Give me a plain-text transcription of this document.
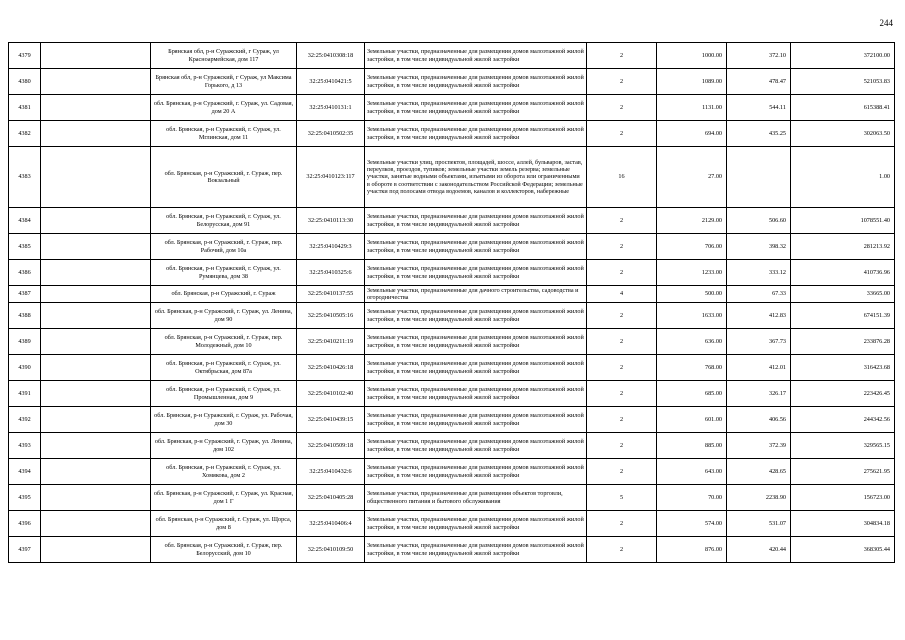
244
4379		Брянская обл, р-н Суражский, г Сураж, ул Красноармейская, дом 117	32:25:0410308:18	Земельные участки, предназначенные для размещения домов малоэтажной жилой застройки, в том числе индивидуальной жилой застройки	2	1000.00	372.10	372100.00
4380		Брянская обл, р-н Суражский, г Сураж, ул Максима Горького, д 13	32:25:0410421:5	Земельные участки, предназначенные для размещения домов малоэтажной жилой застройки, в том числе индивидуальной жилой застройки	2	1089.00	478.47	521053.83
4381		обл. Брянская, р-н Суражский, г. Сураж, ул. Садовая, дом 20 А	32:25:0410131:1	Земельные участки, предназначенные для размещения домов малоэтажной жилой застройки, в том числе индивидуальной жилой застройки	2	1131.00	544.11	615388.41
4382		обл. Брянская, р-н Суражский, г. Сураж, ул. Мглинская, дом 11	32:25:0410502:35	Земельные участки, предназначенные для размещения домов малоэтажной жилой застройки, в том числе индивидуальной жилой застройки	2	694.00	435.25	302063.50
4383		обл. Брянская, р-н Суражский, г. Сураж, пер. Вокзальный	32:25:0410123:117	Земельные участки улиц, проспектов, площадей, шоссе, аллей, бульваров, застав, переулков, проездов, тупиков; земельные участки земель резерва; земельные участки, занятые водными объектами, изъятыми из оборота или ограниченными в обороте в соответствии с законодательством Российской Федерации; земельные участки под полосами отвода водоемов, каналов и коллекторов, набережные	16	27.00		1.00
4384		обл. Брянская, р-н Суражский, г. Сураж, ул. Белорусская, дом 91	32:25:0410113:30	Земельные участки, предназначенные для размещения домов малоэтажной жилой застройки, в том числе индивидуальной жилой застройки	2	2129.00	506.60	1078551.40
4385		обл. Брянская, р-н Суражский, г. Сураж, пер. Рабочий, дом 10а	32:25:0410429:3	Земельные участки, предназначенные для размещения домов малоэтажной жилой застройки, в том числе индивидуальной жилой застройки	2	706.00	398.32	281213.92
4386		обл. Брянская, р-н Суражский, г. Сураж, ул. Румянцева, дом 38	32:25:0410325:6	Земельные участки, предназначенные для размещения домов малоэтажной жилой застройки, в том числе индивидуальной жилой застройки	2	1233.00	333.12	410736.96
4387		обл. Брянская, р-н Суражский, г. Сураж	32:25:0410137:55	Земельные участки, предназначенные для дачного строительства, садоводства и огородничества	4	500.00	67.33	33665.00
4388		обл. Брянская, р-н Суражский, г. Сураж, ул. Ленина, дом 90	32:25:0410505:16	Земельные участки, предназначенные для размещения домов малоэтажной жилой застройки, в том числе индивидуальной жилой застройки	2	1633.00	412.83	674151.39
4389		обл. Брянская, р-н Суражский, г. Сураж, пер. Молодежный, дом 10	32:25:0410211:19	Земельные участки, предназначенные для размещения домов малоэтажной жилой застройки, в том числе индивидуальной жилой застройки	2	636.00	367.73	233876.28
4390		обл. Брянская, р-н Суражский, г. Сураж, ул. Октябрьская, дом 87а	32:25:0410426:18	Земельные участки, предназначенные для размещения домов малоэтажной жилой застройки, в том числе индивидуальной жилой застройки	2	768.00	412.01	316423.68
4391		обл. Брянская, р-н Суражский, г. Сураж, ул. Промышленная, дом 9	32:25:0410102:40	Земельные участки, предназначенные для размещения домов малоэтажной жилой застройки, в том числе индивидуальной жилой застройки	2	685.00	326.17	223426.45
4392		обл. Брянская, р-н Суражский, г. Сураж, ул. Рабочая, дом 30	32:25:0410439:15	Земельные участки, предназначенные для размещения домов малоэтажной жилой застройки, в том числе индивидуальной жилой застройки	2	601.00	406.56	244342.56
4393		обл. Брянская, р-н Суражский, г. Сураж, ул. Ленина, дом 102	32:25:0410509:18	Земельные участки, предназначенные для размещения домов малоэтажной жилой застройки, в том числе индивидуальной жилой застройки	2	885.00	372.39	329565.15
4394		обл. Брянская, р-н Суражский, г. Сураж, ул. Хомякова, дом 2	32:25:0410432:6	Земельные участки, предназначенные для размещения домов малоэтажной жилой застройки, в том числе индивидуальной жилой застройки	2	643.00	428.65	275621.95
4395		обл. Брянская, р-н Суражский, г. Сураж, ул. Красная, дом 1 Г	32:25:0410405:28	Земельные участки, предназначенные для размещения объектов торговли, общественного питания и бытового обслуживания	5	70.00	2238.90	156723.00
4396		обл. Брянская, р-н Суражский, г. Сураж, ул. Щорса, дом 8	32:25:0410406:4	Земельные участки, предназначенные для размещения домов малоэтажной жилой застройки, в том числе индивидуальной жилой застройки	2	574.00	531.07	304834.18
4397		обл. Брянская, р-н Суражский, г. Сураж, пер. Белорусский, дом 10	32:25:0410109:50	Земельные участки, предназначенные для размещения домов малоэтажной жилой застройки, в том числе индивидуальной жилой застройки	2	876.00	420.44	368305.44
